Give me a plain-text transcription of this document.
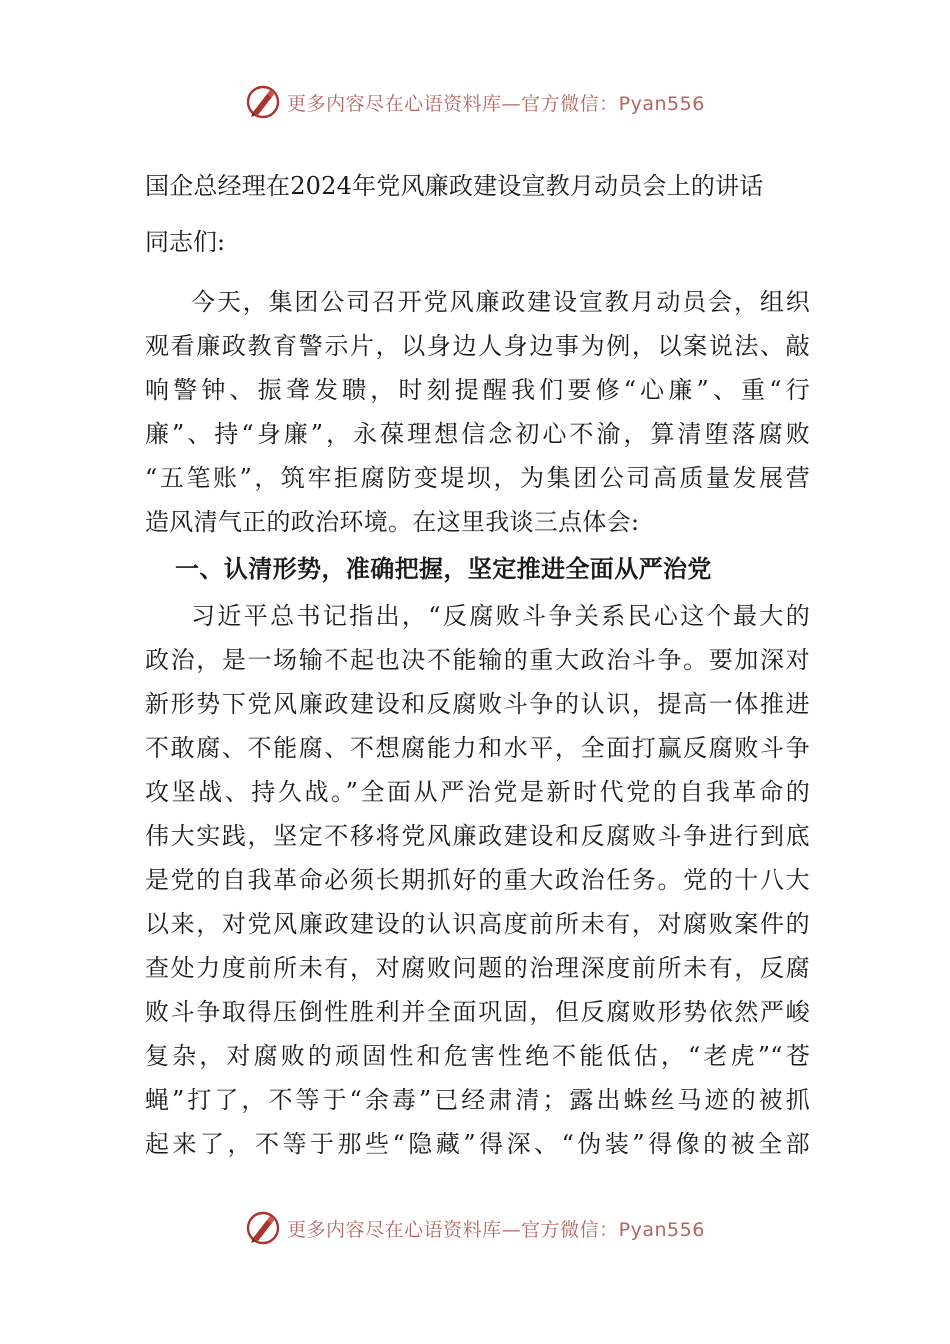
更多内容尽在心语资料库—官方微信：Pyan556
国企总经理在2024年党风廉政建设宣教月动员会上的讲话
同志们:
今天，集团公司召开党风廉政建设宣教月动员会，组织
观看廉政教育警示片，以身边人身边事为例，以案说法、敲
响警钟、振聋发聩，时刻提醒我们要修“心廉”、重“行
廉”、持“身廉”，永葆理想信念初心不渝，算清堕落腐败
“五笔账”，筑牢拒腐防变堤坝，为集团公司高质量发展营
造风清气正的政治环境。在这里我谈三点体会:
一、认清形势，准确把握，坚定推进全面从严治党
习近平总书记指出，“反腐败斗争关系民心这个最大的
政治，是一场输不起也决不能输的重大政治斗争。要加深对
新形势下党风廉政建设和反腐败斗争的认识，提高一体推进
不敢腐、不能腐、不想腐能力和水平，全面打赢反腐败斗争
攻坚战、持久战。”全面从严治党是新时代党的自我革命的
伟大实践，坚定不移将党风廉政建设和反腐败斗争进行到底
是党的自我革命必须长期抓好的重大政治任务。党的十八大
以来，对党风廉政建设的认识高度前所未有，对腐败案件的
查处力度前所未有，对腐败问题的治理深度前所未有，反腐
败斗争取得压倒性胜利并全面巩固，但反腐败形势依然严峻
复杂，对腐败的顽固性和危害性绝不能低估，“老虎”“苍
蝇”打了，不等于“余毒”已经肃清；露出蛛丝马迹的被抓
起来了，不等于那些“隐藏”得深、“伪装”得像的被全部
更多内容尽在心语资料库—官方微信：Pyan556
